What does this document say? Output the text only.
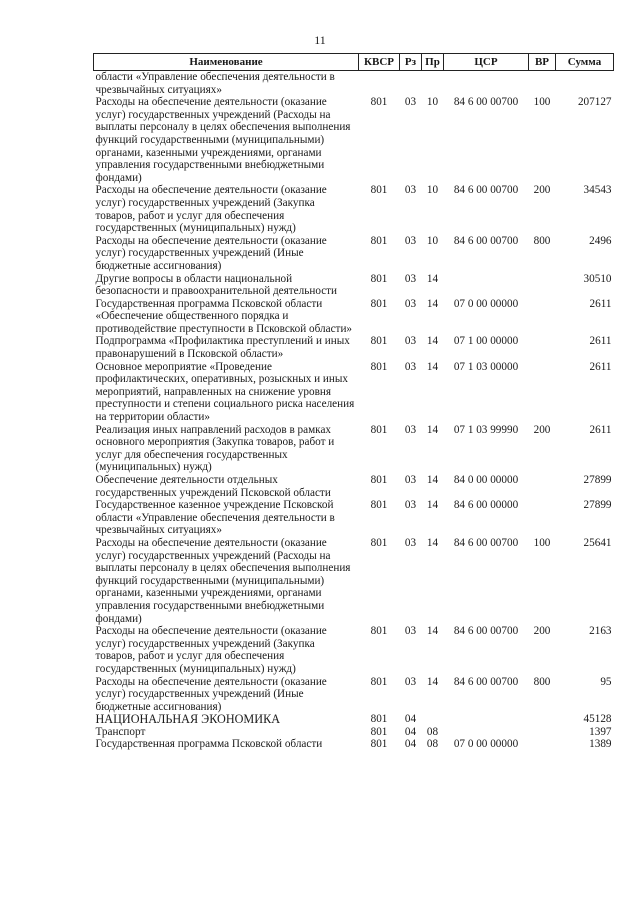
11
Наименование	КВСР	Рз	Пр	ЦСР	ВР	Сумма
области «Управление обеспечения деятельности в чрезвычайных ситуациях»						
Расходы на обеспечение деятельности (оказание услуг) государственных учреждений (Расходы на выплаты персоналу в целях обеспечения выполнения функций государственными (муниципальными) органами, казенными учреждениями, органами управления государственными внебюджетными фондами)	801	03	10	84 6 00 00700	100	207127
Расходы на обеспечение деятельности (оказание услуг) государственных учреждений (Закупка товаров, работ и услуг для обеспечения государственных (муниципальных) нужд)	801	03	10	84 6 00 00700	200	34543
Расходы на обеспечение деятельности (оказание услуг) государственных учреждений (Иные бюджетные ассигнования)	801	03	10	84 6 00 00700	800	2496
Другие вопросы в области национальной безопасности и правоохранительной деятельности	801	03	14			30510
Государственная программа Псковской области «Обеспечение общественного порядка и противодействие преступности в Псковской области»	801	03	14	07 0 00 00000		2611
Подпрограмма «Профилактика преступлений и иных правонарушений в Псковской области»	801	03	14	07 1 00 00000		2611
Основное мероприятие «Проведение профилактических, оперативных, розыскных и иных мероприятий, направленных на снижение уровня преступности и степени социального риска населения на территории области»	801	03	14	07 1 03 00000		2611
Реализация иных направлений расходов в рамках основного мероприятия (Закупка товаров, работ и услуг для обеспечения государственных (муниципальных) нужд)	801	03	14	07 1 03 99990	200	2611
Обеспечение деятельности отдельных государственных учреждений Псковской области	801	03	14	84 0 00 00000		27899
Государственное казенное учреждение Псковской области «Управление обеспечения деятельности в чрезвычайных ситуациях»	801	03	14	84 6 00 00000		27899
Расходы на обеспечение деятельности (оказание услуг) государственных учреждений (Расходы на выплаты персоналу в целях обеспечения выполнения функций государственными (муниципальными) органами, казенными учреждениями, органами управления государственными внебюджетными фондами)	801	03	14	84 6 00 00700	100	25641
Расходы на обеспечение деятельности (оказание услуг) государственных учреждений (Закупка товаров, работ и услуг для обеспечения государственных (муниципальных) нужд)	801	03	14	84 6 00 00700	200	2163
Расходы на обеспечение деятельности (оказание услуг) государственных учреждений (Иные бюджетные ассигнования)	801	03	14	84 6 00 00700	800	95
НАЦИОНАЛЬНАЯ ЭКОНОМИКА	801	04				45128
Транспорт	801	04	08			1397
Государственная программа Псковской области	801	04	08	07 0 00 00000		1389
